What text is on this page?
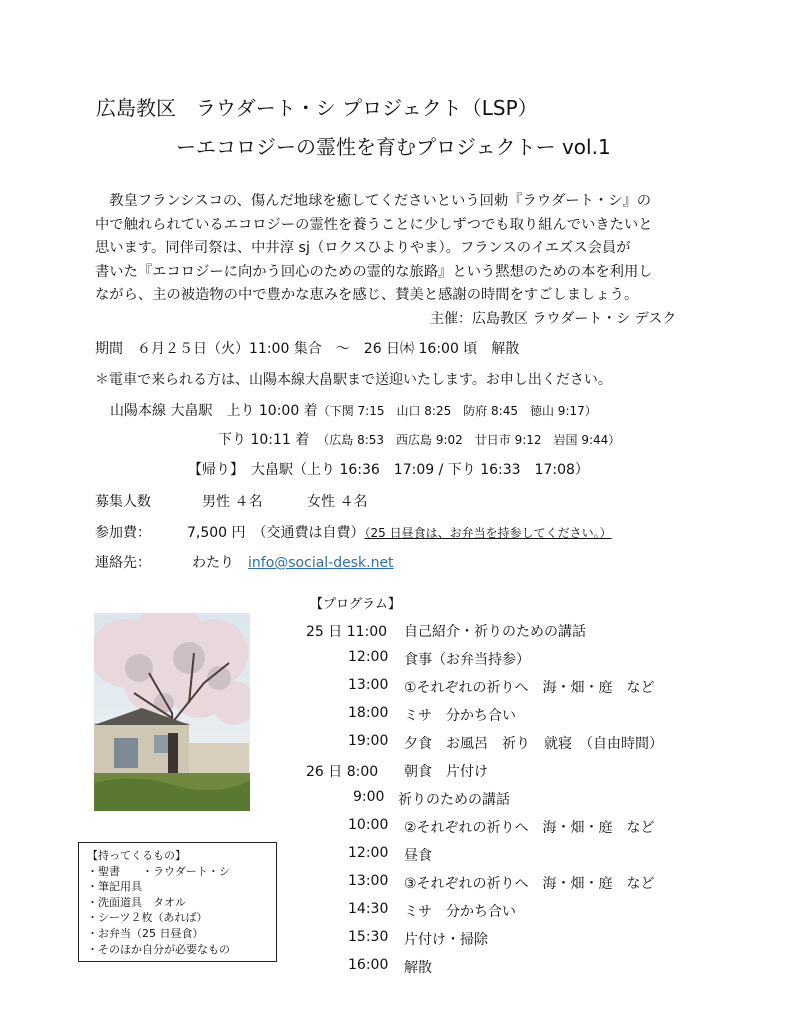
広島教区　ラウダート・シ プロジェクト（LSP）
ーエコロジーの霊性を育むプロジェクトー vol.1

　教皇フランシスコの、傷んだ地球を癒してくださいという回勅『ラウダート・シ』の

中で触れられているエコロジーの霊性を養うことに少しずつでも取り組んでいきたいと

思います。同伴司祭は、中井淳 sj（ロクスひよりやま）。フランスのイエズス会員が

書いた『エコロジーに向かう回心のための霊的な旅路』という黙想のための本を利用し

ながら、主の被造物の中で豊かな恵みを感じ、賛美と感謝の時間をすごしましょう。

主催：広島教区 ラウダート・シ デスク
期間　６月２５日（火）11:00 集合　～　26 日㈭ 16:00 頃　解散
＊電車で来られる方は、山陽本線大畠駅まで送迎いたします。お申し出ください。
山陽本線 大畠駅　上り 10:00 着（下関 7:15　山口 8:25　防府 8:45　徳山 9:17）
下り 10:11 着　 （広島 8:53　西広島 9:02　廿日市 9:12　岩国 9:44）
【帰り】　大畠駅（上り 16:36　17:09 / 下り 16:33　17:08）
募集人数	男性 ４名	女性 ４名
参加費：	7,500 円　（交通費は自費）（25 日昼食は、お弁当を持参してください。）
連絡先：	わたり　 info@social-desk.net
【持ってくるもの】
・聖書　　・ラウダート・シ
・筆記用具
・洗面道具　タオル
・シーツ２枚（あれば）
・お弁当（25 日昼食）
・そのほか自分が必要なもの
【プログラム】
25 日 11:00 自己紹介・祈りのための講話
12:00 食事（お弁当持参）
13:00 ①それぞれの祈りへ　海・畑・庭　など
18:00 ミサ　分かち合い
19:00 夕食　お風呂　祈り　就寝　（自由時間）
26 日 8:00 朝食　片付け
9:00 祈りのための講話
10:00 ②それぞれの祈りへ　海・畑・庭　など
12:00 昼食
13:00 ③それぞれの祈りへ　海・畑・庭　など
14:30 ミサ　分かち合い
15:30 片付け・掃除
16:00 解散
